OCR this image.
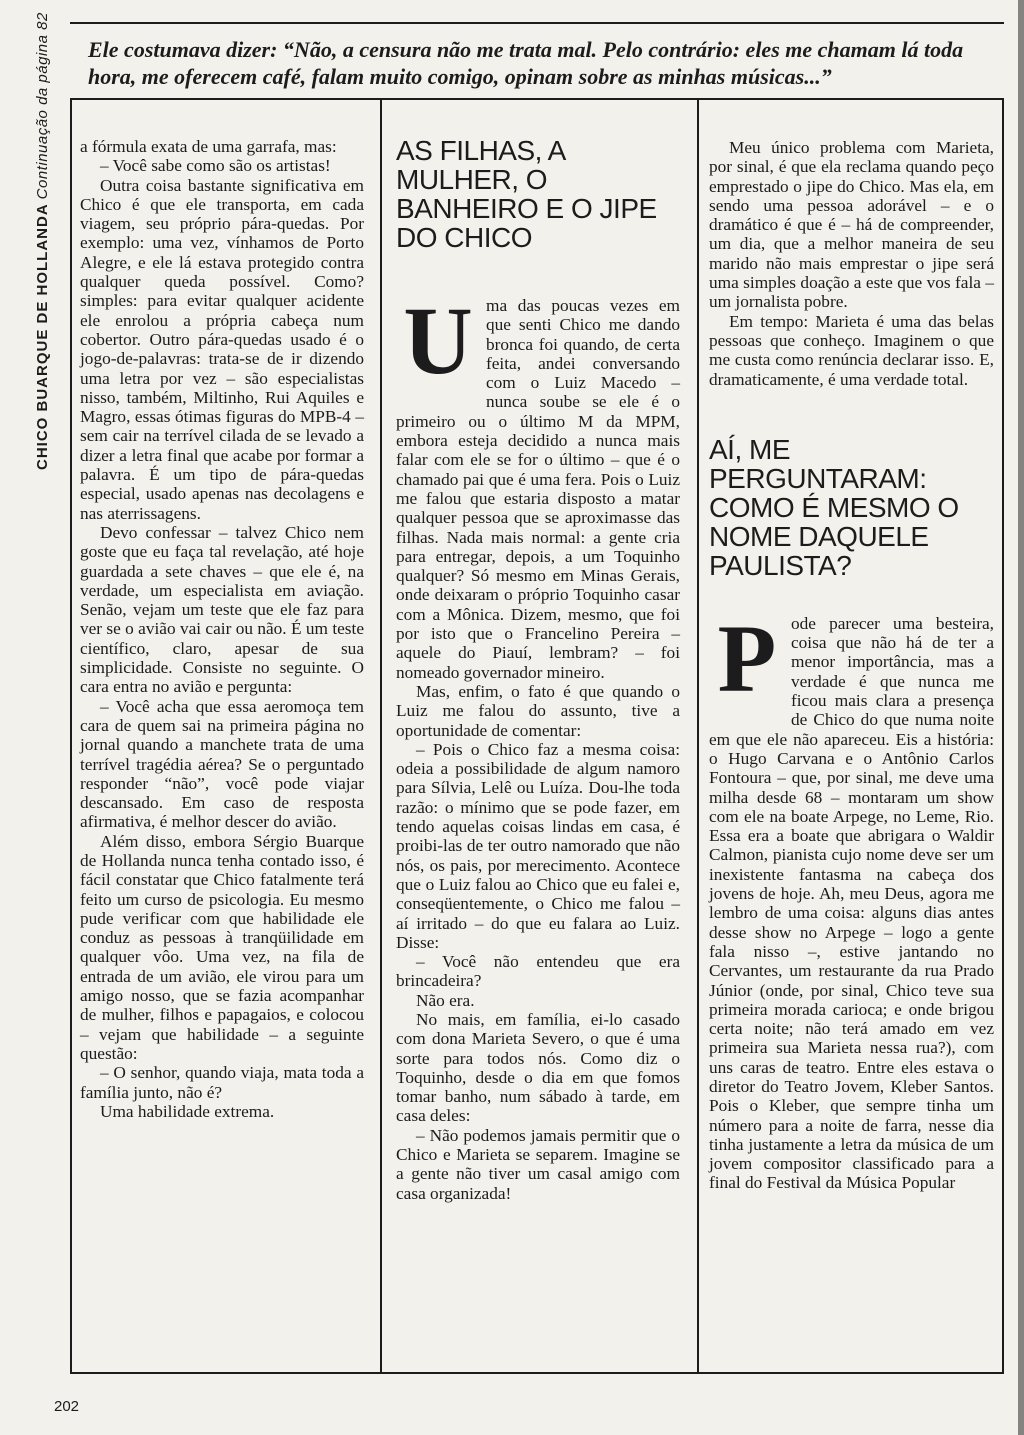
CHICO BUARQUE DE HOLLANDAContinuação da página 82 Ele costumava dizer: “Não, a censura não me trata mal. Pelo contrário: eles me chamam lá toda hora, me oferecem café, falam muito comigo, opinam sobre as minhas músicas...”

a fórmula exata de uma garrafa, mas:

– Você sabe como são os artistas!

Outra coisa bastante significativa em Chico é que ele transporta, em cada viagem, seu próprio pára-quedas. Por exemplo: uma vez, vínhamos de Porto Alegre, e ele lá estava protegido contra qualquer queda possível. Como? simples: para evitar qualquer acidente ele enrolou a própria cabeça num cobertor. Outro pára-quedas usado é o jogo-de-palavras: trata-se de ir dizendo uma letra por vez – são especialistas nisso, também, Miltinho, Rui Aquiles e Magro, essas ótimas figuras do MPB-4 – sem cair na terrível cilada de se levado a dizer a letra final que acabe por formar a palavra. É um tipo de pára-quedas especial, usado apenas nas decolagens e nas aterrissagens.

Devo confessar – talvez Chico nem goste que eu faça tal revelação, até hoje guardada a sete chaves – que ele é, na verdade, um especialista em aviação. Senão, vejam um teste que ele faz para ver se o avião vai cair ou não. É um teste científico, claro, apesar de sua simplicidade. Consiste no seguinte. O cara entra no avião e pergunta:

– Você acha que essa aeromoça tem cara de quem sai na primeira página no jornal quando a manchete trata de uma terrível tragédia aérea? Se o perguntado responder “não”, você pode viajar descansado. Em caso de resposta afirmativa, é melhor descer do avião.

Além disso, embora Sérgio Buarque de Hollanda nunca tenha contado isso, é fácil constatar que Chico fatalmente terá feito um curso de psicologia. Eu mesmo pude verificar com que habilidade ele conduz as pessoas à tranqüilidade em qualquer vôo. Uma vez, na fila de entrada de um avião, ele virou para um amigo nosso, que se fazia acompanhar de mulher, filhos e papagaios, e colocou – vejam que habilidade – a seguinte questão:

– O senhor, quando viaja, mata toda a família junto, não é?

Uma habilidade extrema.

AS FILHAS, A MULHER, O BANHEIRO E O JIPE DO CHICO
U ma das poucas vezes em que senti Chico me dando bronca foi quando, de certa feita, andei conversando com o Luiz Macedo – nunca soube se ele é o primeiro ou o último M da MPM, embora esteja decidido a nunca mais falar com ele se for o último – que é o chamado pai que é uma fera. Pois o Luiz me falou que estaria disposto a matar qualquer pessoa que se aproximasse das filhas. Nada mais normal: a gente cria para entregar, depois, a um Toquinho qualquer? Só mesmo em Minas Gerais, onde deixaram o próprio Toquinho casar com a Mônica. Dizem, mesmo, que foi por isto que o Francelino Pereira – aquele do Piauí, lembram? – foi nomeado governador mineiro.

Mas, enfim, o fato é que quando o Luiz me falou do assunto, tive a oportunidade de comentar:

– Pois o Chico faz a mesma coisa: odeia a possibilidade de algum namoro para Sílvia, Lelê ou Luíza. Dou-lhe toda razão: o mínimo que se pode fazer, em tendo aquelas coisas lindas em casa, é proibi-las de ter outro namorado que não nós, os pais, por merecimento. Acontece que o Luiz falou ao Chico que eu falei e, conseqüentemente, o Chico me falou – aí irritado – do que eu falara ao Luiz. Disse:

– Você não entendeu que era brincadeira?

Não era.

No mais, em família, ei-lo casado com dona Marieta Severo, o que é uma sorte para todos nós. Como diz o Toquinho, desde o dia em que fomos tomar banho, num sábado à tarde, em casa deles:

– Não podemos jamais permitir que o Chico e Marieta se separem. Imagine se a gente não tiver um casal amigo com casa organizada!

Meu único problema com Marieta, por sinal, é que ela reclama quando peço emprestado o jipe do Chico. Mas ela, em sendo uma pessoa adorável – e o dramático é que é – há de compreender, um dia, que a melhor maneira de seu marido não mais emprestar o jipe será uma simples doação a este que vos fala – um jornalista pobre.

Em tempo: Marieta é uma das belas pessoas que conheço. Imaginem o que me custa como renúncia declarar isso. E, dramaticamente, é uma verdade total.

AÍ, ME PERGUNTARAM: COMO É MESMO O NOME DAQUELE PAULISTA?
P ode parecer uma besteira, coisa que não há de ter a menor importância, mas a verdade é que nunca me ficou mais clara a presença de Chico do que numa noite em que ele não apareceu. Eis a história: o Hugo Carvana e o Antônio Carlos Fontoura – que, por sinal, me deve uma milha desde 68 – montaram um show com ele na boate Arpege, no Leme, Rio. Essa era a boate que abrigara o Waldir Calmon, pianista cujo nome deve ser um inexistente fantasma na cabeça dos jovens de hoje. Ah, meu Deus, agora me lembro de uma coisa: alguns dias antes desse show no Arpege – logo a gente fala nisso –, estive jantando no Cervantes, um restaurante da rua Prado Júnior (onde, por sinal, Chico teve sua primeira morada carioca; e onde brigou certa noite; não terá amado em vez primeira sua Marieta nessa rua?), com uns caras de teatro. Entre eles estava o diretor do Teatro Jovem, Kleber Santos. Pois o Kleber, que sempre tinha um número para a noite de farra, nesse dia tinha justamente a letra da música de um jovem compositor classificado para a final do Festival da Música Popular

202
